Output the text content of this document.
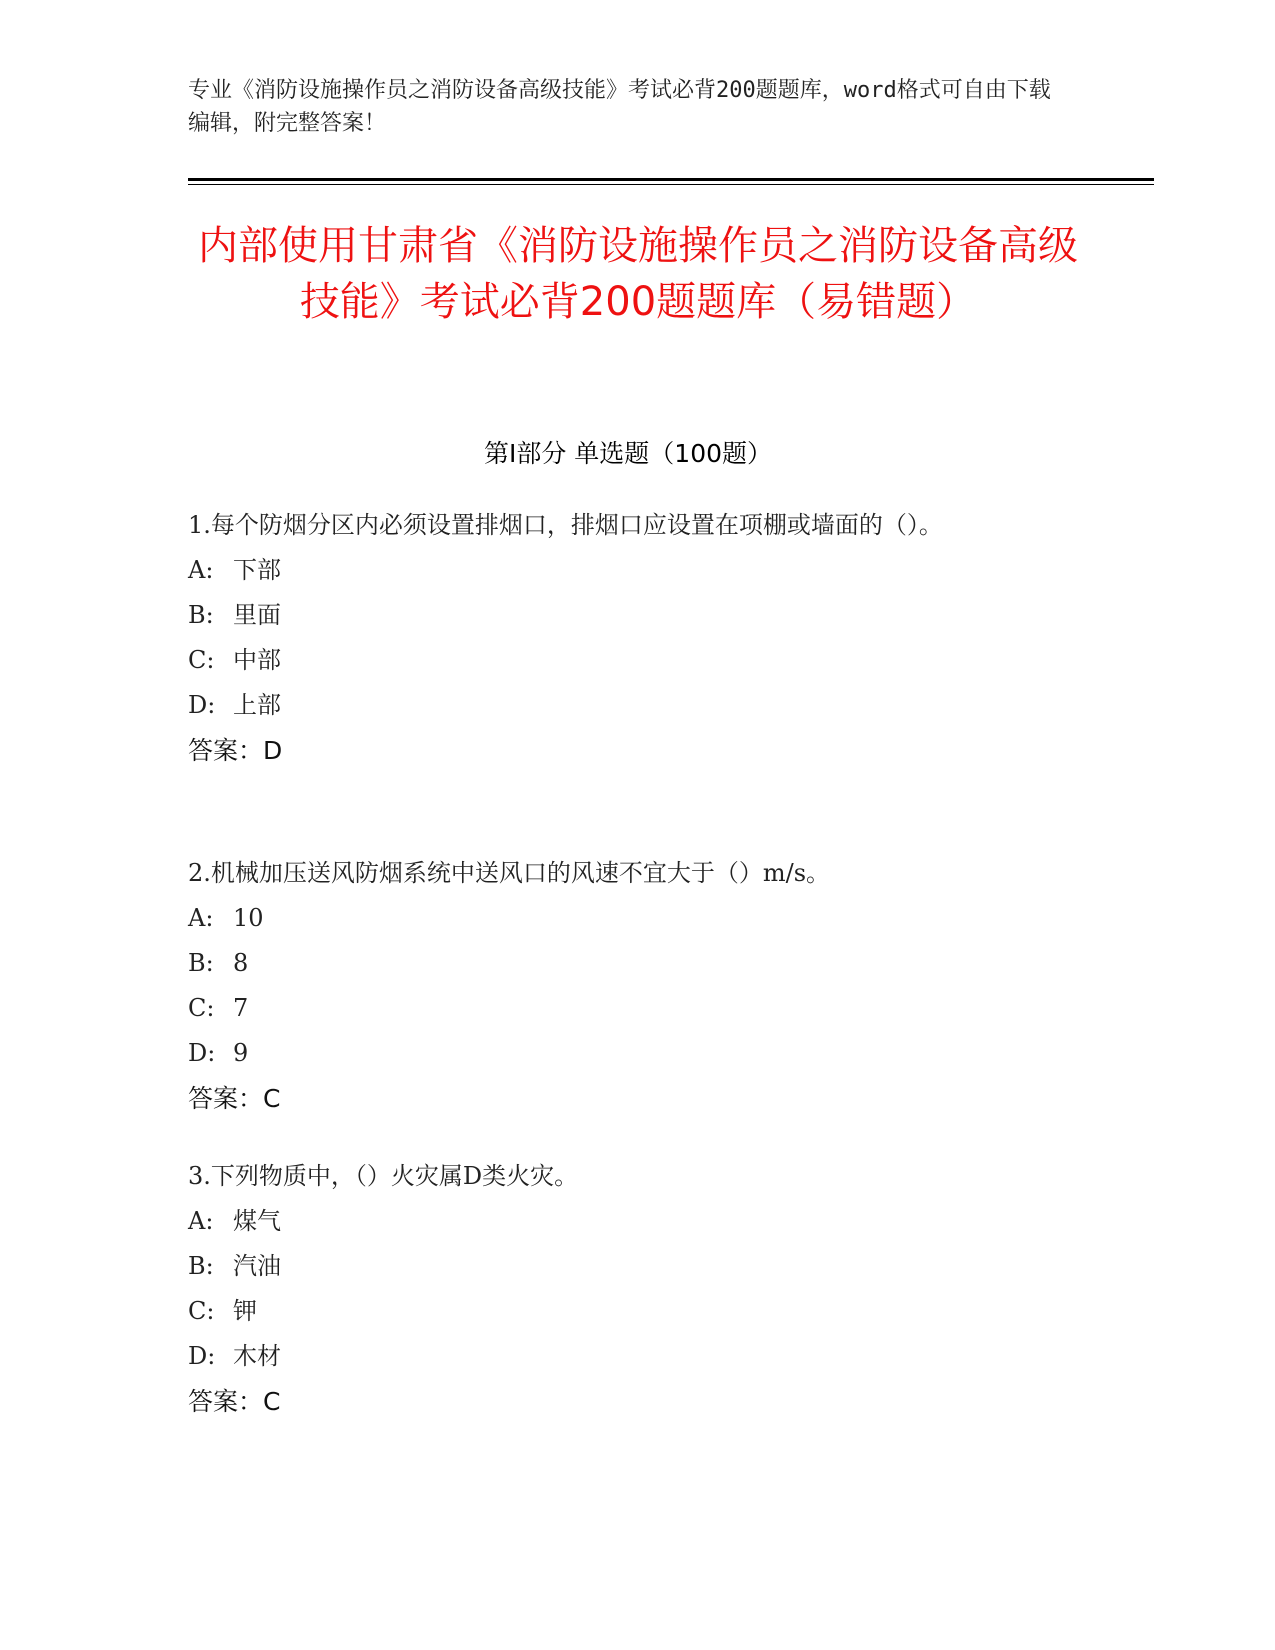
专业《消防设施操作员之消防设备高级技能》考试必背200题题库，word格式可自由下载编辑，附完整答案！
内部使用甘肃省《消防设施操作员之消防设备高级技能》考试必背200题题库（易错题）
第Ⅰ部分 单选题（100题）
1.每个防烟分区内必须设置排烟口，排烟口应设置在项棚或墙面的（）。
A: 下部
B: 里面
C: 中部
D: 上部
答案：D
2.机械加压送风防烟系统中送风口的风速不宜大于（）m/s。
A: 10
B: 8
C: 7
D: 9
答案：C
3.下列物质中，（）火灾属D类火灾。
A: 煤气
B: 汽油
C: 钾
D: 木材
答案：C
